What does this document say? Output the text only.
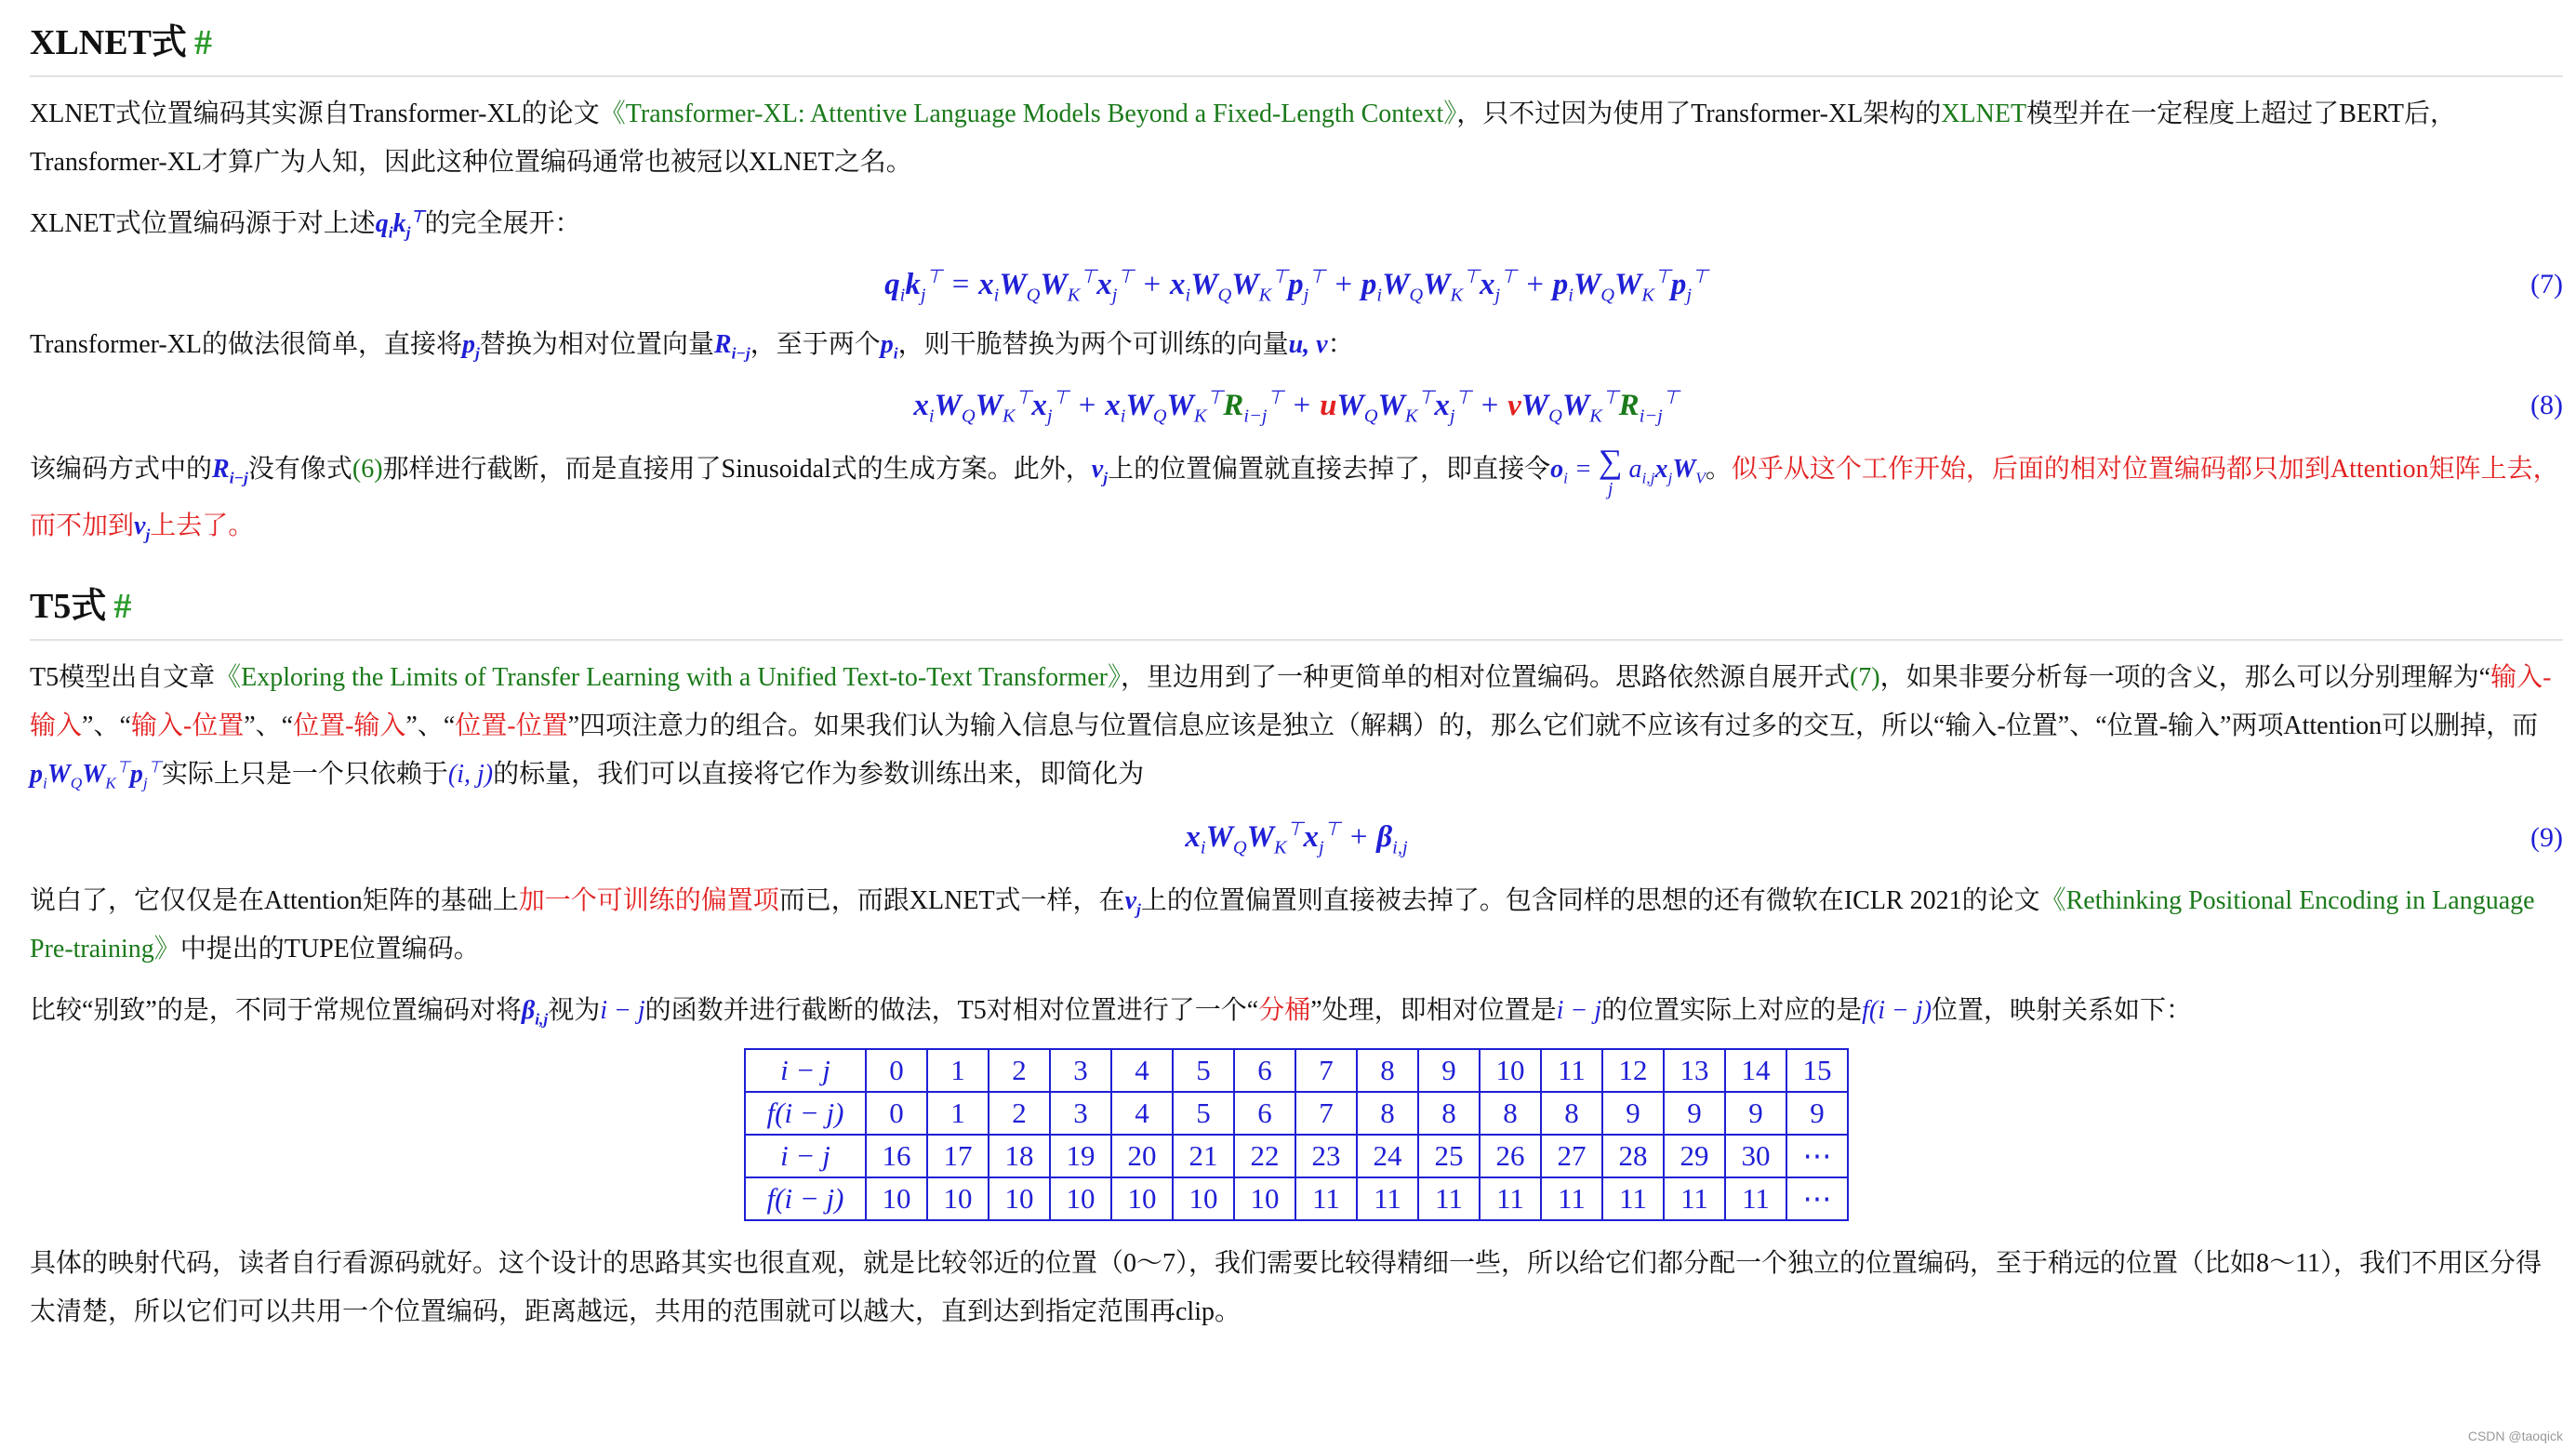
XLNET式 #

XLNET式位置编码其实源自Transformer-XL的论文《Transformer-XL: Attentive Language Models Beyond a Fixed-Length Context》，只不过因为使用了Transformer-XL架构的XLNET模型并在一定程度上超过了BERT后，Transformer-XL才算广为人知，因此这种位置编码通常也被冠以XLNET之名。

XLNET式位置编码源于对上述$q_ik_j^⊤$的完全展开：

$q_ik_j^⊤ = x_iW_QW_K^⊤x_j^⊤ + x_iW_QW_K^⊤p_j^⊤ + p_iW_QW_K^⊤x_j^⊤ + p_iW_QW_K^⊤p_j^⊤$	(7)

Transformer-XL的做法很简单，直接将$p_j$替换为相对位置向量$R_{i-j}$，至于两个$p_i$，则干脆替换为两个可训练的向量u, v：

$x_iW_QW_K^⊤x_j^⊤ + x_iW_QW_K^⊤R_{i-j}^⊤ + uW_QW_K^⊤x_j^⊤ + vW_QW_K^⊤R_{i-j}^⊤$	(8)

该编码方式中的$R_{i-j}$没有像式(6)那样进行截断，而是直接用了Sinusoidal式的生成方案。此外，$v_j$上的位置偏置就直接去掉了，即直接令$o_i$ = ∑
j
$a_{i,j}x_jW_V$。似乎从这个工作开始，后面的相对位置编码都只加到Attention矩阵上去，而不加到$v_j$上去了。

T5式 #

T5模型出自文章《Exploring the Limits of Transfer Learning with a Unified Text-to-Text Transformer》，里边用到了一种更简单的相对位置编码。思路依然源自展开式(7)，如果非要分析每一项的含义，那么可以分别理解为“输入-输入”、“输入-位置”、“位置-输入”、“位置-位置”四项注意力的组合。如果我们认为输入信息与位置信息应该是独立（解耦）的，那么它们就不应该有过多的交互，所以“输入-位置”、“位置-输入”两项Attention可以删掉，而$p_iW_QW_K^⊤p_j^⊤$实际上只是一个只依赖于(i, j)的标量，我们可以直接将它作为参数训练出来，即简化为

$x_iW_QW_K^⊤x_j^⊤ + \beta_{i,j}$	(9)

说白了，它仅仅是在Attention矩阵的基础上加一个可训练的偏置项而已，而跟XLNET式一样，在$v_j$上的位置偏置则直接被去掉了。包含同样的思想的还有微软在ICLR 2021的论文《Rethinking Positional Encoding in Language Pre-training》中提出的TUPE位置编码。

比较“别致”的是，不同于常规位置编码对将$\beta_{i,j}$视为i − j的函数并进行截断的做法，T5对相对位置进行了一个“分桶”处理，即相对位置是i − j的位置实际上对应的是f(i − j)位置，映射关系如下：

i − j	0	1	2	3	4	5	6	7	8	9	10	11	12	13	14	15
f(i − j)	0	1	2	3	4	5	6	7	8	8	8	8	9	9	9	9
i − j	16	17	18	19	20	21	22	23	24	25	26	27	28	29	30	⋯
f(i − j)	10	10	10	10	10	10	10	11	11	11	11	11	11	11	11	⋯

具体的映射代码，读者自行看源码就好。这个设计的思路其实也很直观，就是比较邻近的位置（0～7），我们需要比较得精细一些，所以给它们都分配一个独立的位置编码，至于稍远的位置（比如8～11），我们不用区分得太清楚，所以它们可以共用一个位置编码，距离越远，共用的范围就可以越大，直到达到指定范围再clip。

CSDN @taoqick
